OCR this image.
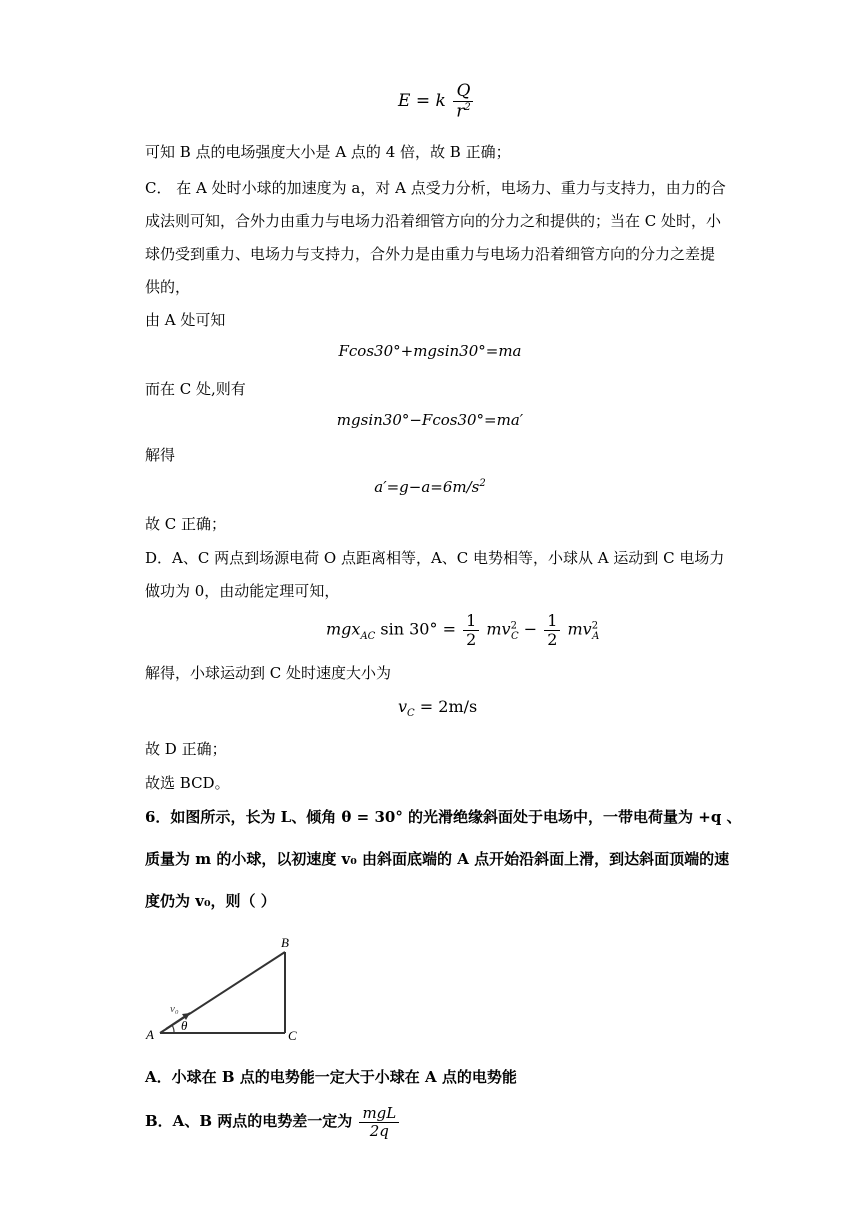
E = k $\frac{Q}{r^2}$
可知 B 点的电场强度大小是 A 点的 4 倍，故 B 正确；
C． 在 A 处时小球的加速度为 a，对 A 点受力分析，电场力、重力与支持力，由力的合
成法则可知，合外力由重力与电场力沿着细管方向的分力之和提供的；当在 C 处时，小
球仍受到重力、电场力与支持力，合外力是由重力与电场力沿着细管方向的分力之差提
供的，
由 A 处可知
Fcos30°+mgsin30°=ma
而在 C 处,则有
mgsin30°−Fcos30°=ma′
解得
$a'=g-a=6m/s^2$
故 C 正确；
D．A、C 两点到场源电荷 O 点距离相等，A、C 电势相等，小球从 A 运动到 C 电场力
做功为 0，由动能定理可知，
mgx$_{AC}$ $\sin 30^\circ = \frac{1}{2} mv^2_C - \frac{1}{2} mv^2_A$
解得，小球运动到 C 处时速度大小为
$v_C = 2m/s$
故 D 正确；
故选 BCD。
6．如图所示，长为 L、倾角 θ = 30° 的光滑绝缘斜面处于电场中，一带电荷量为 +q 、
质量为 m 的小球，以初速度 v₀ 由斜面底端的 A 点开始沿斜面上滑，到达斜面顶端的速
度仍为 v₀，则（ ）
A
B
C
v₀
θ
A．小球在 B 点的电势能一定大于小球在 A 点的电势能
B．A、B 两点的电势差一定为 $\frac{\text{mgL}}{2q}$
